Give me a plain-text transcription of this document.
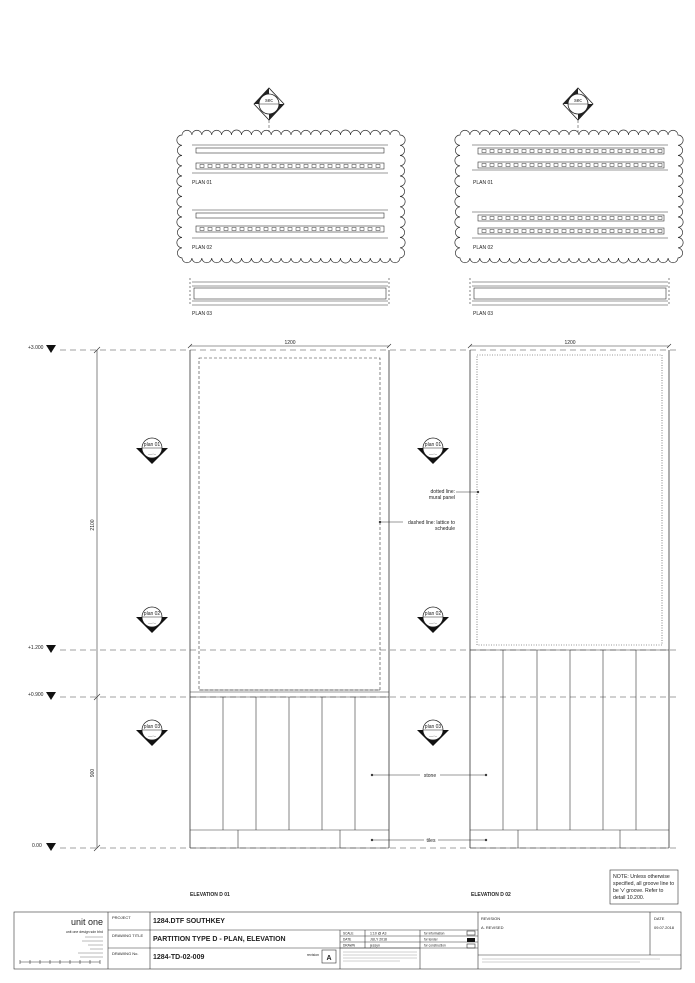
sec	sec
PLAN 01
PLAN 02
PLAN 03
PLAN 01
PLAN 02
PLAN 03
+3.000
+1.200
+0.900
0.00
2100
900
1200	1200
plan 01
__._
plan 02
__._
plan 03
__._
plan 01
__._
plan 02
__._
plan 03
__._
dashed line: lattice to
schedule
dotted line:
mural panel
stone
tiles
ELEVATION D 01	ELEVATION D 02
NOTE: Unless otherwise
specified, all groove line to
be 'v' groove. Refer to
detail 10.200.
unit one
unit one design sdn bhd
PROJECT
1284.DTF SOUTHKEY
DRAWING TITLE
PARTITION TYPE D - PLAN, ELEVATION
DRAWING No.
1284-TD-02-009	revision A
SCALE	1:10 @ A3
DATE	JULY 2018
DRAWN	jessyn
for information
for tender
for construction
REVISION
A. REVISED
DATE
09.07.2018
